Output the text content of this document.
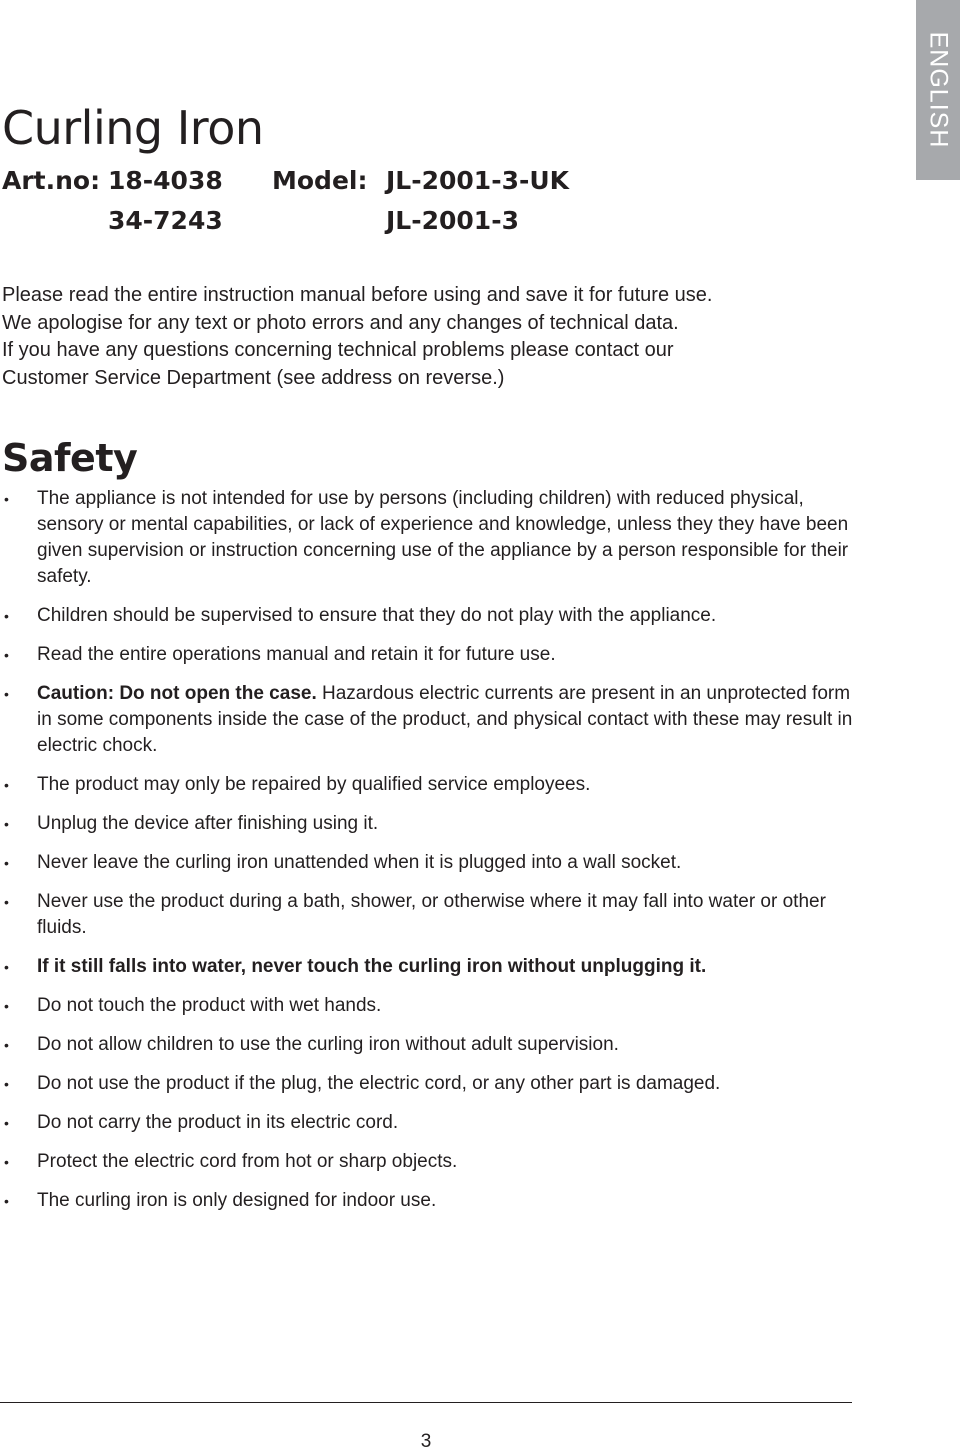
ENGLISH
Curling Iron
Art.no: 18-4038 Model: JL-2001-3-UK
34-7243	JL-2001-3
Please read the entire instruction manual before using and save it for future use.
We apologise for any text or photo errors and any changes of technical data.
If you have any questions concerning technical problems please contact our
Customer Service Department (see address on reverse.)
Safety
• The appliance is not intended for use by persons (including children) with reduced physical, sensory or mental capabilities, or lack of experience and knowledge, unless they they have been given supervision or instruction concerning use of the appliance by a person responsible for their safety.
• Children should be supervised to ensure that they do not play with the appliance.
• Read the entire operations manual and retain it for future use.
• Caution: Do not open the case. Hazardous electric currents are present in an unprotected form in some components inside the case of the product, and physical contact with these may result in electric chock.
• The product may only be repaired by qualified service employees.
• Unplug the device after finishing using it.
• Never leave the curling iron unattended when it is plugged into a wall socket.
• Never use the product during a bath, shower, or otherwise where it may fall into water or other fluids.
• If it still falls into water, never touch the curling iron without unplugging it.
• Do not touch the product with wet hands.
• Do not allow children to use the curling iron without adult supervision.
• Do not use the product if the plug, the electric cord, or any other part is damaged.
• Do not carry the product in its electric cord.
• Protect the electric cord from hot or sharp objects.
• The curling iron is only designed for indoor use.
3
